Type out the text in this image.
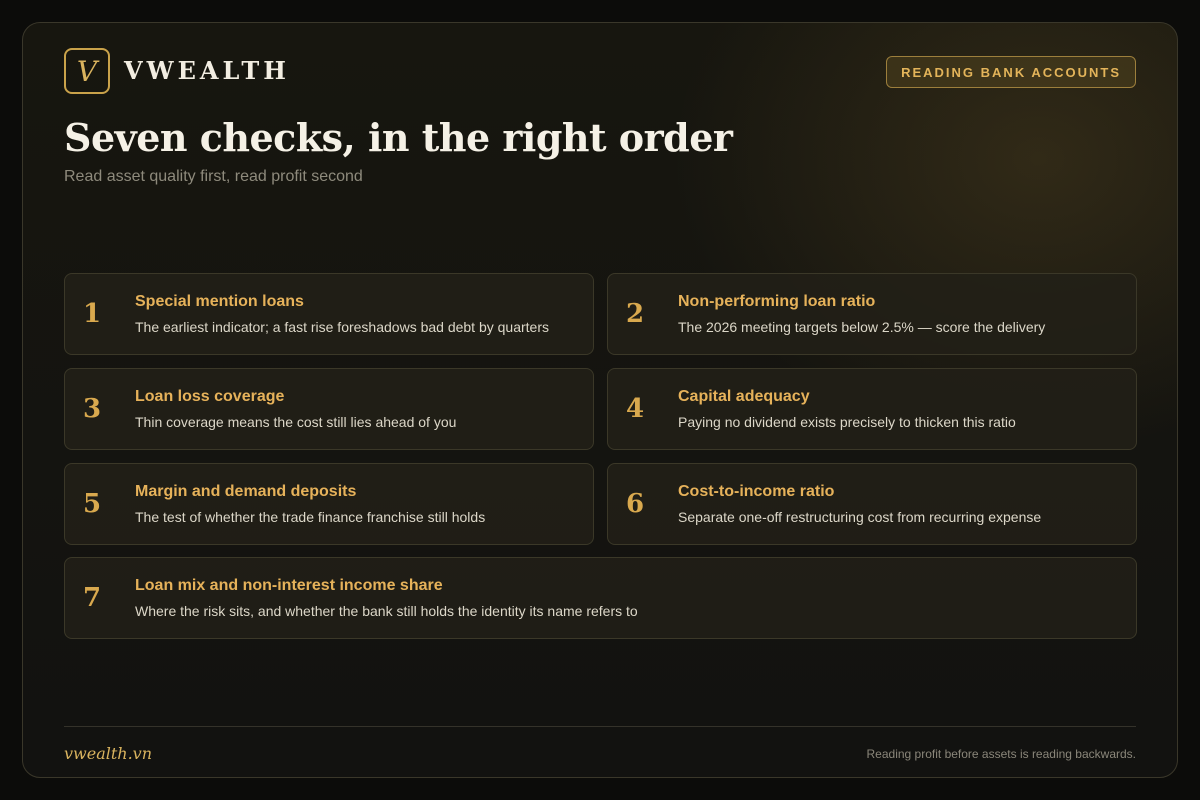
V	VWEALTH	READING BANK ACCOUNTS
Seven checks, in the right order
Read asset quality first, read profit second
1	Special mention loans
The earliest indicator; a fast rise foreshadows bad debt by quarters	2	Non-performing loan ratio
The 2026 meeting targets below 2.5% — score the delivery
3	Loan loss coverage
Thin coverage means the cost still lies ahead of you	4	Capital adequacy
Paying no dividend exists precisely to thicken this ratio
5	Margin and demand deposits
The test of whether the trade finance franchise still holds	6	Cost-to-income ratio
Separate one-off restructuring cost from recurring expense
7	Loan mix and non-interest income share
Where the risk sits, and whether the bank still holds the identity its name refers to
vwealth.vn	Reading profit before assets is reading backwards.
